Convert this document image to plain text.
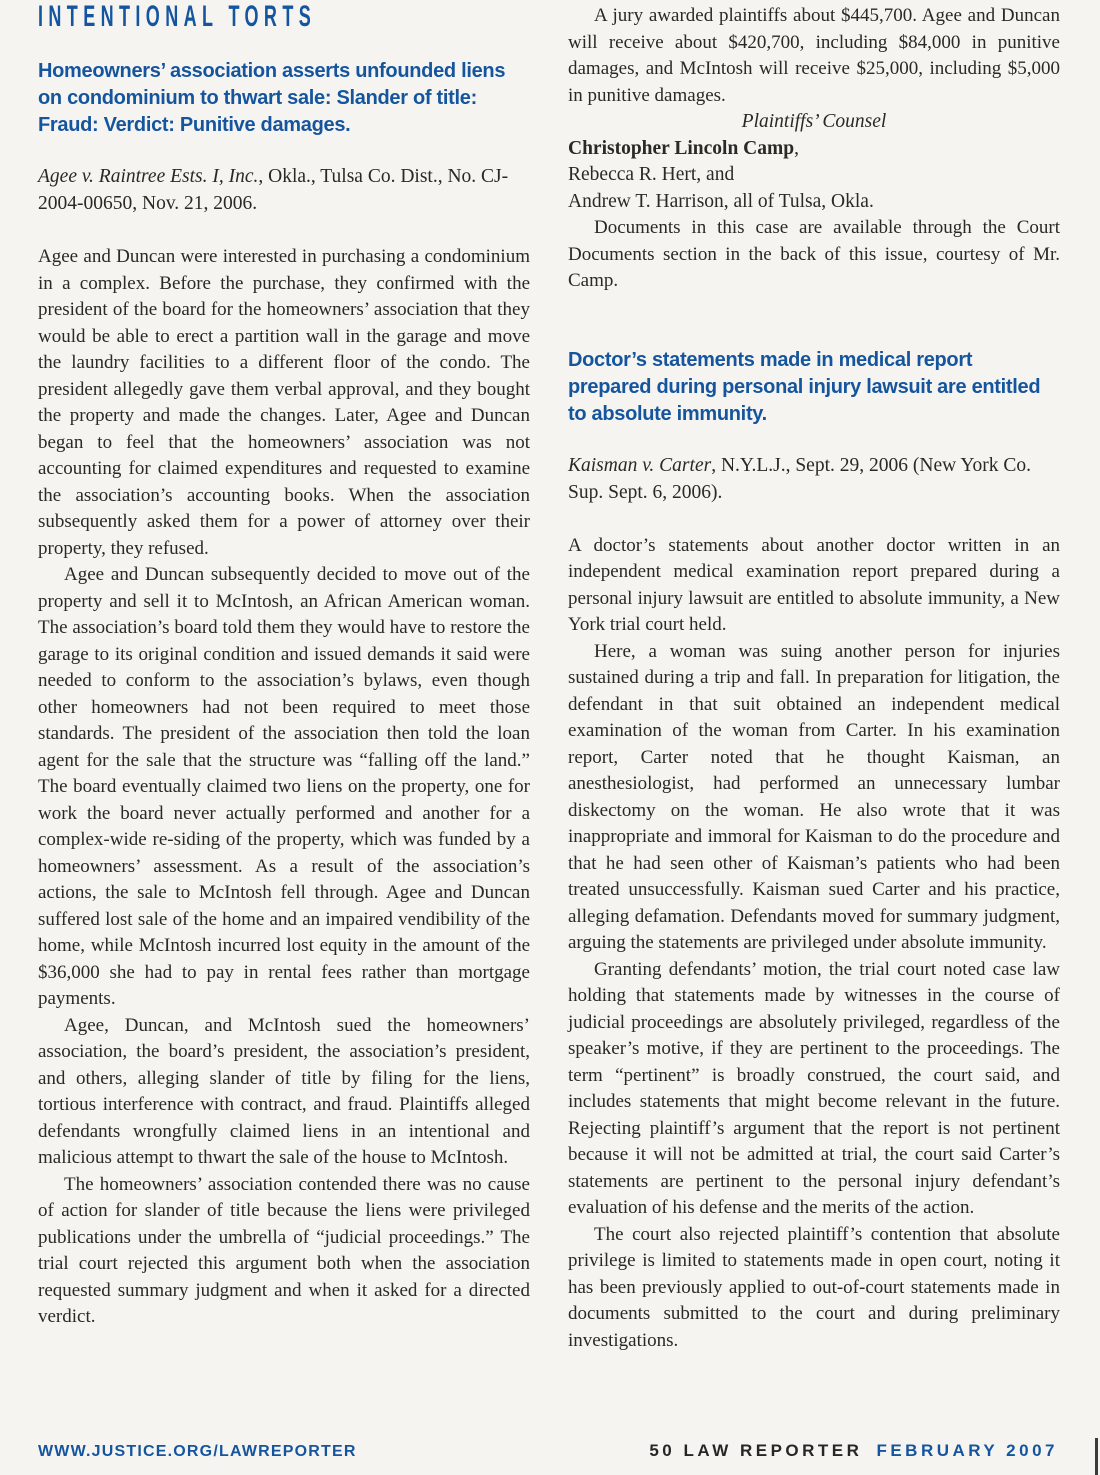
INTENTIONAL TORTS
Homeowners’ association asserts unfounded liens on condominium to thwart sale: Slander of title: Fraud: Verdict: Punitive damages.

Agee v. Raintree Ests. I, Inc., Okla., Tulsa Co. Dist., No. CJ-2004-00650, Nov. 21, 2006.

Agee and Duncan were interested in purchasing a condominium in a complex. Before the purchase, they confirmed with the president of the board for the homeowners’ association that they would be able to erect a partition wall in the garage and move the laundry facilities to a different floor of the condo. The president allegedly gave them verbal approval, and they bought the property and made the changes. Later, Agee and Duncan began to feel that the homeowners’ association was not accounting for claimed expenditures and requested to examine the association’s accounting books. When the association subsequently asked them for a power of attorney over their property, they refused.

Agee and Duncan subsequently decided to move out of the property and sell it to McIntosh, an African American woman. The association’s board told them they would have to restore the garage to its original condition and issued demands it said were needed to conform to the association’s bylaws, even though other homeowners had not been required to meet those standards. The president of the association then told the loan agent for the sale that the structure was “falling off the land.” The board eventually claimed two liens on the property, one for work the board never actually performed and another for a complex-wide re-siding of the property, which was funded by a homeowners’ assessment. As a result of the association’s actions, the sale to McIntosh fell through. Agee and Duncan suffered lost sale of the home and an impaired vendibility of the home, while McIntosh incurred lost equity in the amount of the $36,000 she had to pay in rental fees rather than mortgage payments.

Agee, Duncan, and McIntosh sued the homeowners’ association, the board’s president, the association’s president, and others, alleging slander of title by filing for the liens, tortious interference with contract, and fraud. Plaintiffs alleged defendants wrongfully claimed liens in an intentional and malicious attempt to thwart the sale of the house to McIntosh.

The homeowners’ association contended there was no cause of action for slander of title because the liens were privileged publications under the umbrella of “judicial proceedings.” The trial court rejected this argument both when the association requested summary judgment and when it asked for a directed verdict.

A jury awarded plaintiffs about $445,700. Agee and Duncan will receive about $420,700, including $84,000 in punitive damages, and McIntosh will receive $25,000, including $5,000 in punitive damages.

Plaintiffs’ Counsel

Christopher Lincoln Camp,

Rebecca R. Hert, and

Andrew T. Harrison, all of Tulsa, Okla.

Documents in this case are available through the Court Documents section in the back of this issue, courtesy of Mr. Camp.

Doctor’s statements made in medical report prepared during personal injury lawsuit are entitled to absolute immunity.

Kaisman v. Carter, N.Y.L.J., Sept. 29, 2006 (New York Co. Sup. Sept. 6, 2006).

A doctor’s statements about another doctor written in an independent medical examination report prepared during a personal injury lawsuit are entitled to absolute immunity, a New York trial court held.

Here, a woman was suing another person for injuries sustained during a trip and fall. In preparation for litigation, the defendant in that suit obtained an independent medical examination of the woman from Carter. In his examination report, Carter noted that he thought Kaisman, an anesthesiologist, had performed an unnecessary lumbar diskectomy on the woman. He also wrote that it was inappropriate and immoral for Kaisman to do the procedure and that he had seen other of Kaisman’s patients who had been treated unsuccessfully. Kaisman sued Carter and his practice, alleging defamation. Defendants moved for summary judgment, arguing the statements are privileged under absolute immunity.

Granting defendants’ motion, the trial court noted case law holding that statements made by witnesses in the course of judicial proceedings are absolutely privileged, regardless of the speaker’s motive, if they are pertinent to the proceedings. The term “pertinent” is broadly construed, the court said, and includes statements that might become relevant in the future. Rejecting plaintiff’s argument that the report is not pertinent because it will not be admitted at trial, the court said Carter’s statements are pertinent to the personal injury defendant’s evaluation of his defense and the merits of the action.

The court also rejected plaintiff’s contention that absolute privilege is limited to statements made in open court, noting it has been previously applied to out-of-court statements made in documents submitted to the court and during preliminary investigations.

WWW.JUSTICE.ORG/LAWREPORTER	50 LAW REPORTER FEBRUARY 2007
